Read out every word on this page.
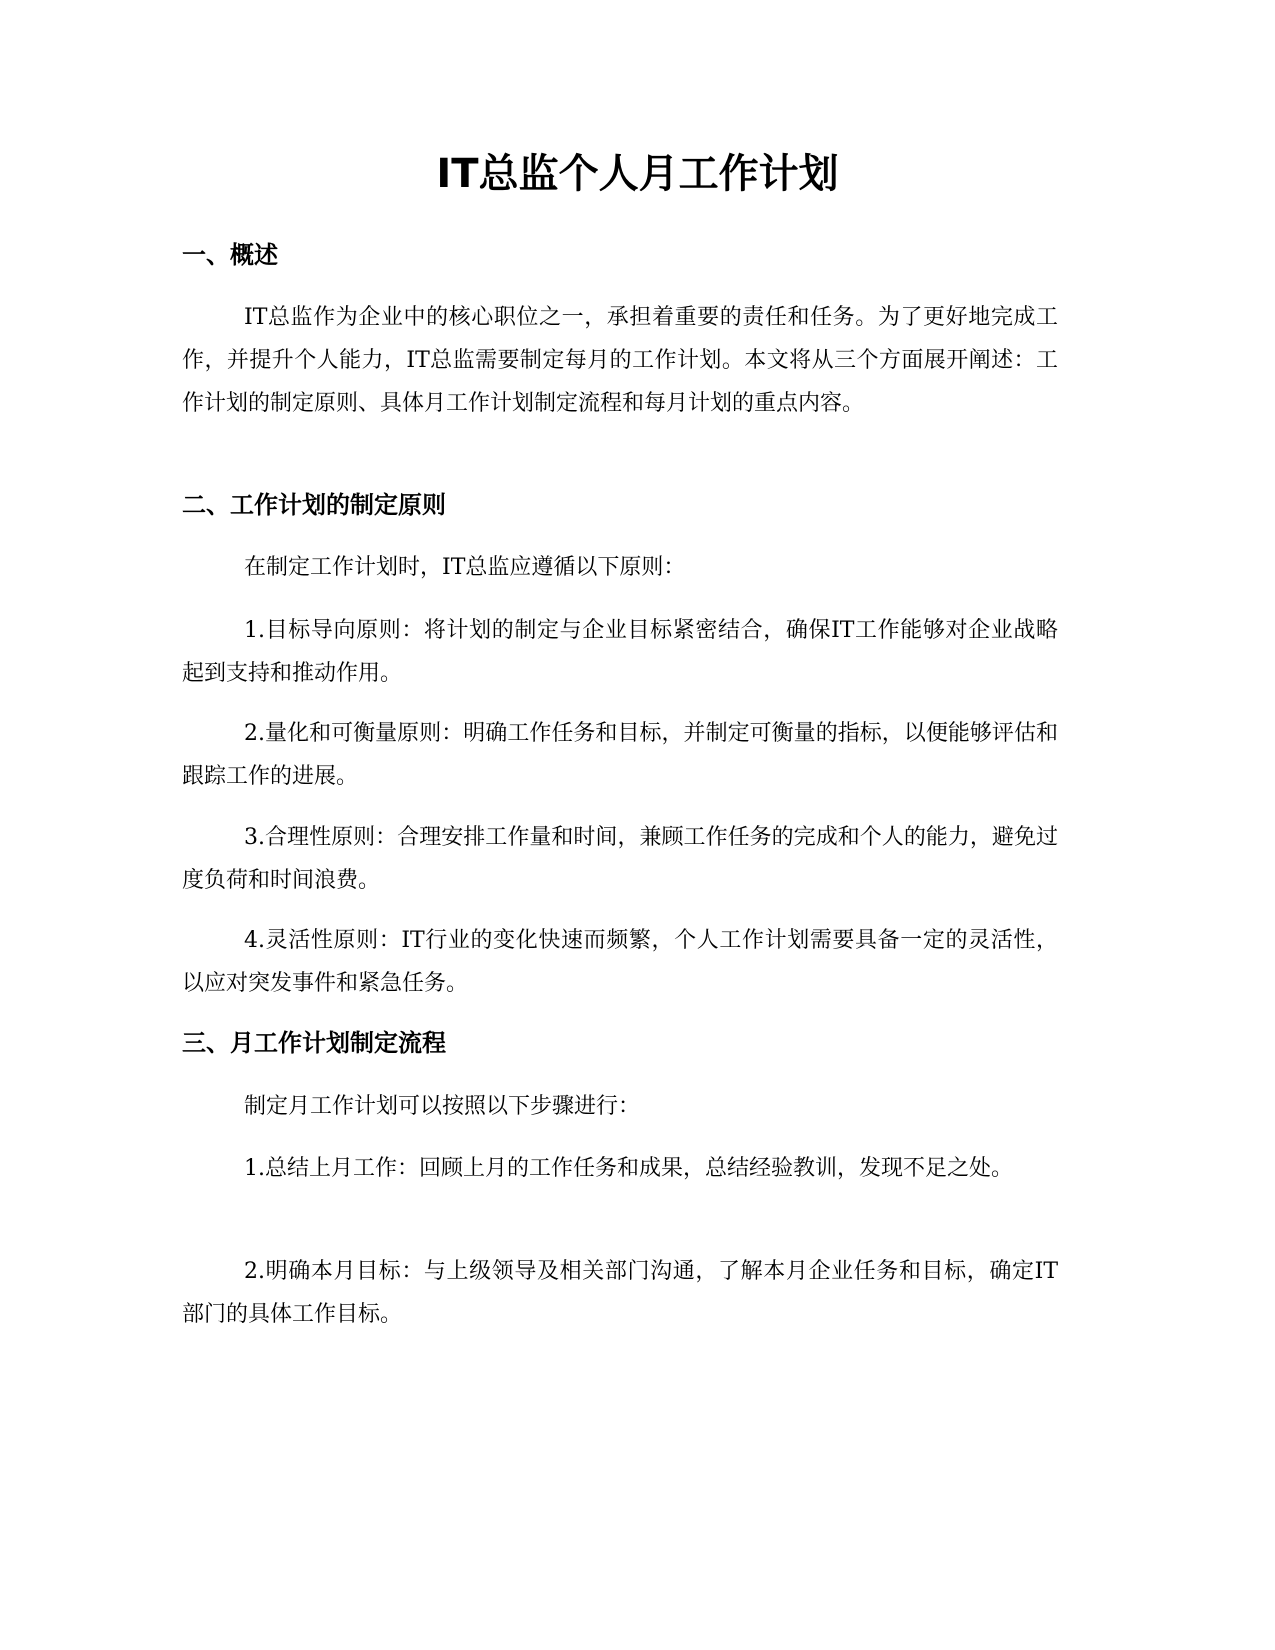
IT总监个人月工作计划
一、概述

IT总监作为企业中的核心职位之一，承担着重要的责任和任务。为了更好地完成工作，并提升个人能力，IT总监需要制定每月的工作计划。本文将从三个方面展开阐述：工作计划的制定原则、具体月工作计划制定流程和每月计划的重点内容。

二、工作计划的制定原则

在制定工作计划时，IT总监应遵循以下原则：

1.目标导向原则：将计划的制定与企业目标紧密结合，确保IT工作能够对企业战略起到支持和推动作用。

2.量化和可衡量原则：明确工作任务和目标，并制定可衡量的指标，以便能够评估和跟踪工作的进展。

3.合理性原则：合理安排工作量和时间，兼顾工作任务的完成和个人的能力，避免过度负荷和时间浪费。

4.灵活性原则：IT行业的变化快速而频繁，个人工作计划需要具备一定的灵活性，以应对突发事件和紧急任务。

三、月工作计划制定流程

制定月工作计划可以按照以下步骤进行：

1.总结上月工作：回顾上月的工作任务和成果，总结经验教训，发现不足之处。

2.明确本月目标：与上级领导及相关部门沟通，了解本月企业任务和目标，确定IT部门的具体工作目标。
